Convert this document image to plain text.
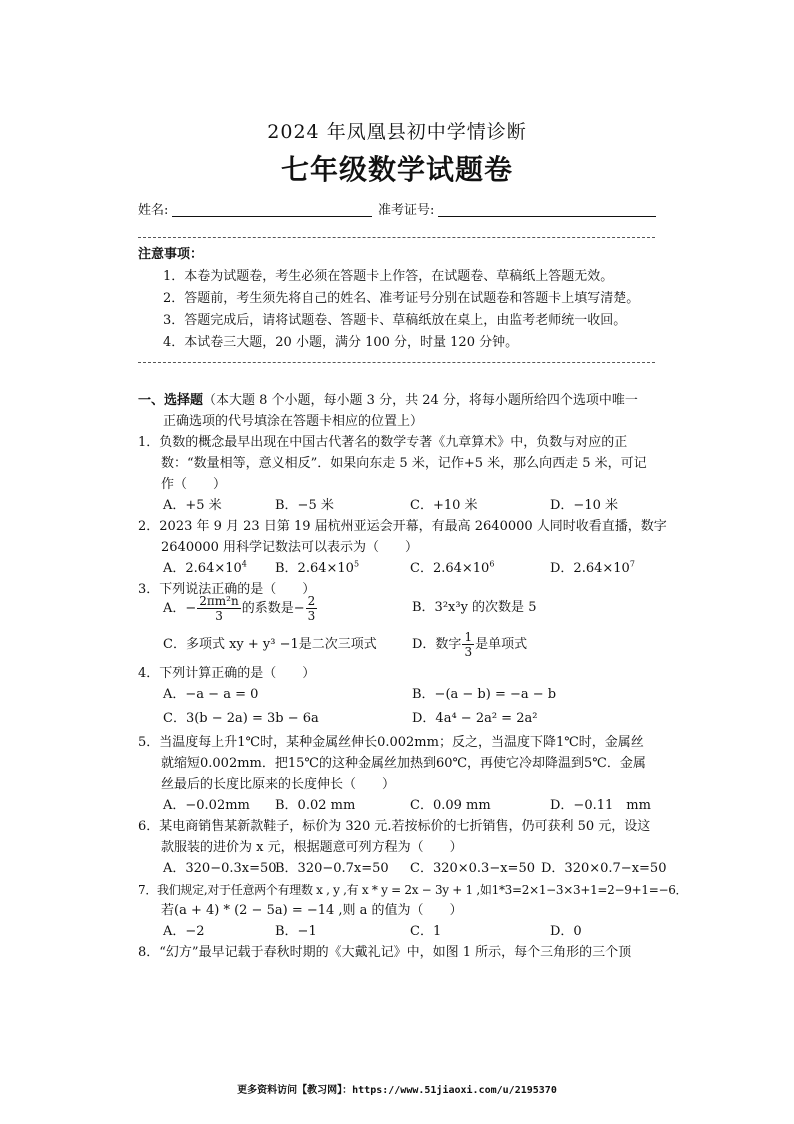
2024 年凤凰县初中学情诊断
七年级数学试题卷
姓名:	准考证号:
注意事项：
1．本卷为试题卷，考生必须在答题卡上作答，在试题卷、草稿纸上答题无效。
2．答题前，考生须先将自己的姓名、准考证号分别在试题卷和答题卡上填写清楚。
3．答题完成后，请将试题卷、答题卡、草稿纸放在桌上，由监考老师统一收回。
4．本试卷三大题，20 小题，满分 100 分，时量 120 分钟。
一、选择题（本大题 8 个小题，每小题 3 分，共 24 分，将每小题所给四个选项中唯一
正确选项的代号填涂在答题卡相应的位置上）
1．负数的概念最早出现在中国古代著名的数学专著《九章算术》中，负数与对应的正
数：“数量相等，意义相反”．如果向东走 5 米，记作+5 米，那么向西走 5 米，可记
作（　　）
A．+5 米	B．−5 米	C．+10 米	D．−10 米
2．2023 年 9 月 23 日第 19 届杭州亚运会开幕，有最高 2640000 人同时收看直播，数字
2640000 用科学记数法可以表示为（　　）
A．$2.64\times 10^4$ B．$2.64\times 10^5$	C．$2.64\times 10^6$	D．$2.64\times 10^7$
3．下列说法正确的是（　　）
A．− $\frac{\text{2πm²n}}{3}$ 的系数是− $\frac{2}{3}$	B．3²x³y 的次数是 5
C．多项式 xy + y³ −1是二次三项式	D．数字 $\frac{1}{3}$ 是单项式
4．下列计算正确的是（　　）
A．−a − a = 0	B．−(a − b) = −a − b
C．3(b − 2a) = 3b − 6a	D．4a⁴ − 2a² = 2a²
5．当温度每上升1℃时，某种金属丝伸长0.002mm；反之，当温度下降1℃时，金属丝
就缩短0.002mm．把15℃的这种金属丝加热到60℃，再使它冷却降温到5℃．金属
丝最后的长度比原来的长度伸长（　　）
A．−0.02mm B．0.02 mm	C．0.09 mm	D．−0.11　mm
6．某电商销售某新款鞋子，标价为 320 元.若按标价的七折销售，仍可获利 50 元，设这
款服装的进价为 x 元，根据题意可列方程为（　　）
A．320−0.3x=50
B．320−0.7x=50 C．320×0.3−x=50 D．320×0.7−x=50
7．我们规定,对于任意两个有理数 x , y ,有 x * y = 2x − 3y + 1 ,如1*3=2×1−3×3+1=2−9+1=−6．
若(a + 4) * (2 − 5a) = −14 ,则 a 的值为（　　）
A．−2	B．−1	C．1	D．0
8．“幻方”最早记载于春秋时期的《大戴礼记》中，如图 1 所示，每个三角形的三个顶
更多资料访问【教习网】：https://www.51jiaoxi.com/u/2195370
